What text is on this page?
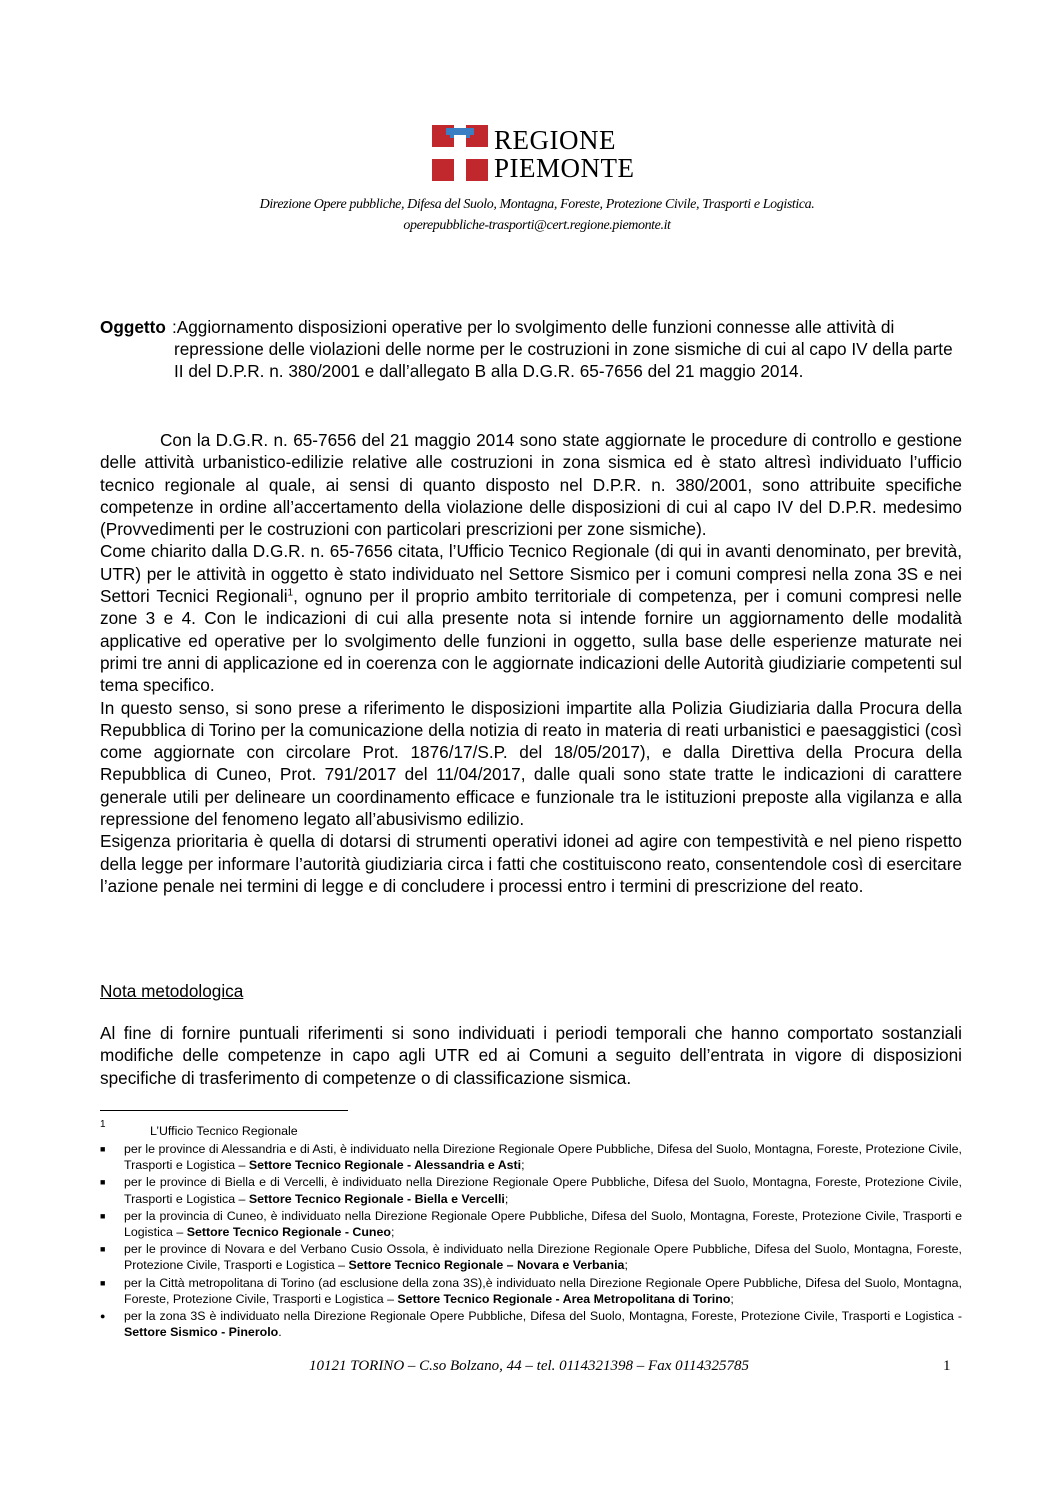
REGIONE
PIEMONTE
Direzione Opere pubbliche, Difesa del Suolo, Montagna, Foreste, Protezione Civile, Trasporti e Logistica.
operepubbliche-trasporti@cert.regione.piemonte.it
Oggetto :Aggiornamento disposizioni operative per lo svolgimento delle funzioni connesse alle attività di repressione delle violazioni delle norme per le costruzioni in zone sismiche di cui al capo IV della parte II del D.P.R. n. 380/2001 e dall’allegato B alla D.G.R. 65-7656 del 21 maggio 2014.

Con la D.G.R. n. 65-7656 del 21 maggio 2014 sono state aggiornate le procedure di controllo e gestione delle attività urbanistico-edilizie relative alle costruzioni in zona sismica ed è stato altresì individuato l’ufficio tecnico regionale al quale, ai sensi di quanto disposto nel D.P.R. n. 380/2001, sono attribuite specifiche competenze in ordine all’accertamento della violazione delle disposizioni di cui al capo IV del D.P.R. medesimo (Provvedimenti per le costruzioni con particolari prescrizioni per zone sismiche).

Come chiarito dalla D.G.R. n. 65-7656 citata, l’Ufficio Tecnico Regionale (di qui in avanti denominato, per brevità, UTR) per le attività in oggetto è stato individuato nel Settore Sismico per i comuni compresi nella zona 3S e nei Settori Tecnici Regionali$^1$, ognuno per il proprio ambito territoriale di competenza, per i comuni compresi nelle zone 3 e 4. Con le indicazioni di cui alla presente nota si intende fornire un aggiornamento delle modalità applicative ed operative per lo svolgimento delle funzioni in oggetto, sulla base delle esperienze maturate nei primi tre anni di applicazione ed in coerenza con le aggiornate indicazioni delle Autorità giudiziarie competenti sul tema specifico.

In questo senso, si sono prese a riferimento le disposizioni impartite alla Polizia Giudiziaria dalla Procura della Repubblica di Torino per la comunicazione della notizia di reato in materia di reati urbanistici e paesaggistici (così come aggiornate con circolare Prot. 1876/17/S.P. del 18/05/2017), e dalla Direttiva della Procura della Repubblica di Cuneo, Prot. 791/2017 del 11/04/2017, dalle quali sono state tratte le indicazioni di carattere generale utili per delineare un coordinamento efficace e funzionale tra le istituzioni preposte alla vigilanza e alla repressione del fenomeno legato all’abusivismo edilizio.

Esigenza prioritaria è quella di dotarsi di strumenti operativi idonei ad agire con tempestività e nel pieno rispetto della legge per informare l’autorità giudiziaria circa i fatti che costituiscono reato, consentendole così di esercitare l’azione penale nei termini di legge e di concludere i processi entro i termini di prescrizione del reato.

Nota metodologica

Al fine di fornire puntuali riferimenti si sono individuati i periodi temporali che hanno comportato sostanziali modifiche delle competenze in capo agli UTR ed ai Comuni a seguito dell’entrata in vigore di disposizioni specifiche di trasferimento di competenze o di classificazione sismica.

1	L’Ufficio Tecnico Regionale
■ per le province di Alessandria e di Asti, è individuato nella Direzione Regionale Opere Pubbliche, Difesa del Suolo, Montagna, Foreste, Protezione Civile, Trasporti e Logistica – Settore Tecnico Regionale - Alessandria e Asti;
■ per le province di Biella e di Vercelli, è individuato nella Direzione Regionale Opere Pubbliche, Difesa del Suolo, Montagna, Foreste, Protezione Civile, Trasporti e Logistica – Settore Tecnico Regionale - Biella e Vercelli;
■ per la provincia di Cuneo, è individuato nella Direzione Regionale Opere Pubbliche, Difesa del Suolo, Montagna, Foreste, Protezione Civile, Trasporti e Logistica – Settore Tecnico Regionale - Cuneo;
■ per le province di Novara e del Verbano Cusio Ossola, è individuato nella Direzione Regionale Opere Pubbliche, Difesa del Suolo, Montagna, Foreste, Protezione Civile, Trasporti e Logistica – Settore Tecnico Regionale – Novara e Verbania;
■ per la Città metropolitana di Torino (ad esclusione della zona 3S),è individuato nella Direzione Regionale Opere Pubbliche, Difesa del Suolo, Montagna, Foreste, Protezione Civile, Trasporti e Logistica – Settore Tecnico Regionale - Area Metropolitana di Torino;
● per la zona 3S è individuato nella Direzione Regionale Opere Pubbliche, Difesa del Suolo, Montagna, Foreste, Protezione Civile, Trasporti e Logistica - Settore Sismico - Pinerolo.
10121 TORINO – C.so Bolzano, 44 – tel. 0114321398 – Fax 0114325785	1
